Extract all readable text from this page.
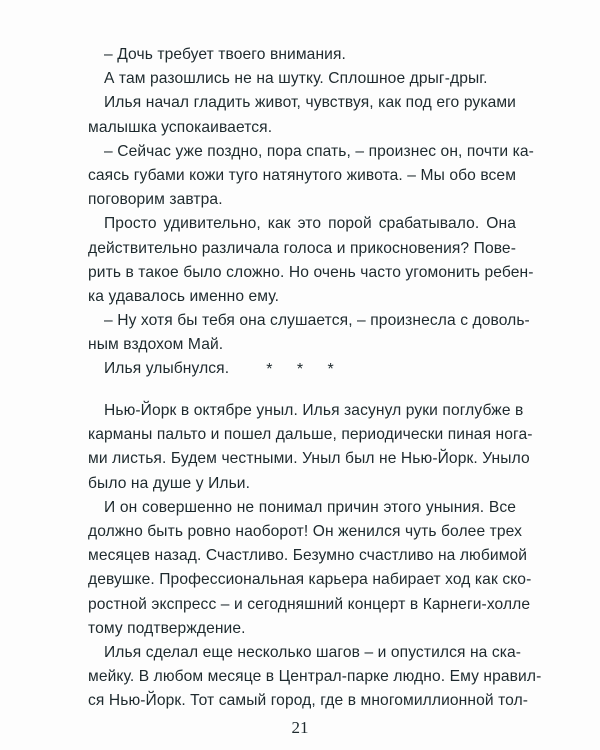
– Дочь требует твоего внимания.
А там разошлись не на шутку. Сплошное дрыг-дрыг.
Илья начал гладить живот, чувствуя, как под его руками
малышка успокаивается.
– Сейчас уже поздно, пора спать, – произнес он, почти ка-
саясь губами кожи туго натянутого живота. – Мы обо всем
поговорим завтра.
Просто удивительно, как это порой срабатывало. Она
действительно различала голоса и прикосновения? Пове-
рить в такое было сложно. Но очень часто угомонить ребен-
ка удавалось именно ему.
– Ну хотя бы тебя она слушается, – произнесла с доволь-
ным вздохом Май.
Илья улыбнулся.	* * *
Нью-Йорк в октябре уныл. Илья засунул руки поглубже в
карманы пальто и пошел дальше, периодически пиная нога-
ми листья. Будем честными. Уныл был не Нью-Йорк. Уныло
было на душе у Ильи.
И он совершенно не понимал причин этого уныния. Все
должно быть ровно наоборот! Он женился чуть более трех
месяцев назад. Счастливо. Безумно счастливо на любимой
девушке. Профессиональная карьера набирает ход как ско-
ростной экспресс – и сегодняшний концерт в Карнеги-холле
тому подтверждение.
Илья сделал еще несколько шагов – и опустился на ска-
мейку. В любом месяце в Централ-парке людно. Ему нравил-
ся Нью-Йорк. Тот самый город, где в многомиллионной тол-
21
